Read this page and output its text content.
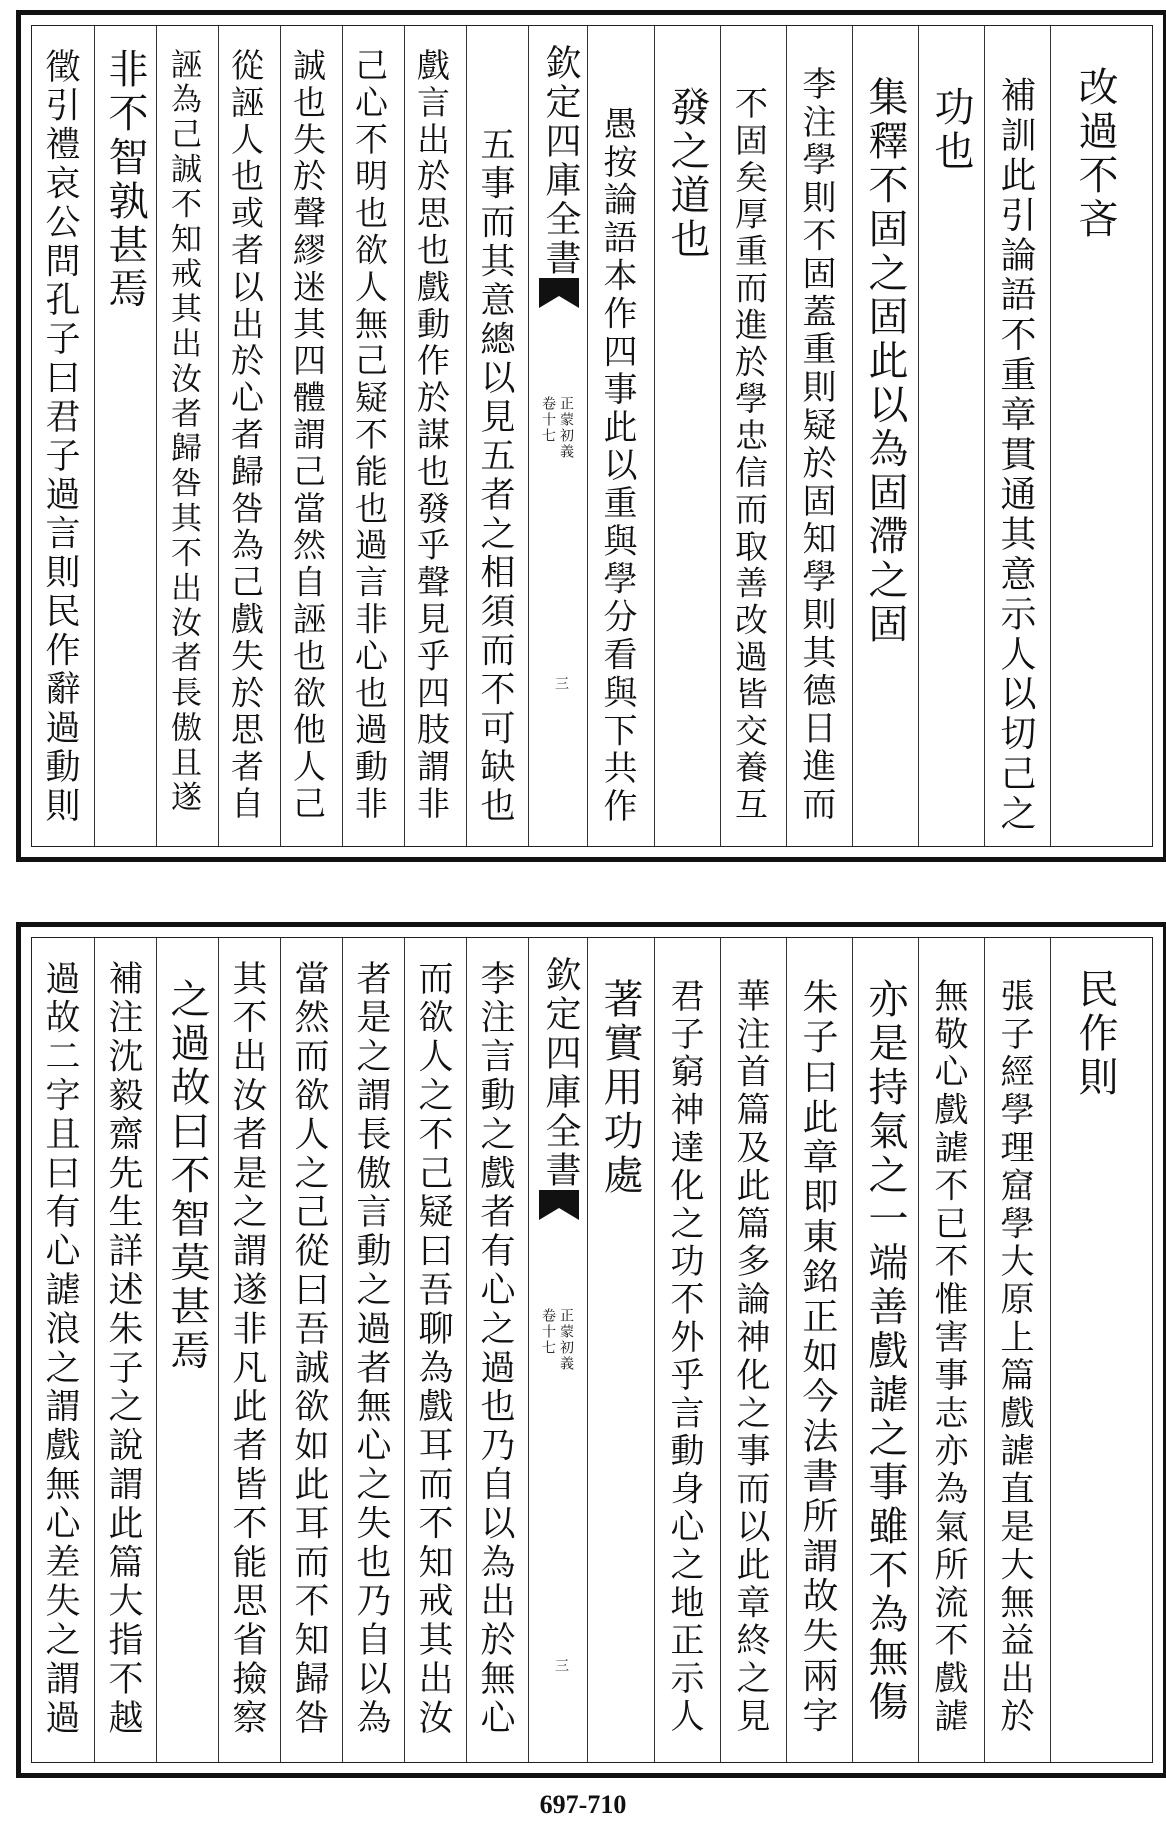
徵引禮哀公問孔子曰君子過言則民作辭過動則 非不智孰甚焉 誣為己誠不知戒其出汝者歸咎其不出汝者長傲且遂 從誣人也或者以出於心者歸咎為己戲失於思者自 誠也失於聲繆迷其四體謂己當然自誣也欲他人己 己心不明也欲人無己疑不能也過言非心也過動非 戲言出於思也戲動作於謀也發乎聲見乎四肢謂非 五事而其意總以見五者之相須而不可缺也 欽定四庫全書
正蒙初義
卷十七
三 愚按論語本作四事此以重與學分看與下共作 發之道也 不固矣厚重而進於學忠信而取善改過皆交養互 李注學則不固蓋重則疑於固知學則其德日進而 集釋不固之固此以為固滯之固 功也 補訓此引論語不重章貫通其意示人以切己之 改過不吝
過故二字且曰有心謔浪之謂戲無心差失之謂過 補注沈毅齋先生詳述朱子之說謂此篇大指不越 之過故曰不智莫甚焉 其不出汝者是之謂遂非凡此者皆不能思省撿察 當然而欲人之己從曰吾誠欲如此耳而不知歸咎 者是之謂長傲言動之過者無心之失也乃自以為 而欲人之不己疑曰吾聊為戲耳而不知戒其出汝 李注言動之戲者有心之過也乃自以為出於無心 欽定四庫全書
正蒙初義
卷十七
三
著實用功處 君子窮神達化之功不外乎言動身心之地正示人 華注首篇及此篇多論神化之事而以此章終之見 朱子曰此章即東銘正如今法書所謂故失兩字 亦是持氣之一端善戲謔之事雖不為無傷 無敬心戲謔不已不惟害事志亦為氣所流不戲謔 張子經學理窟學大原上篇戲謔直是大無益出於 民作則
697-710
